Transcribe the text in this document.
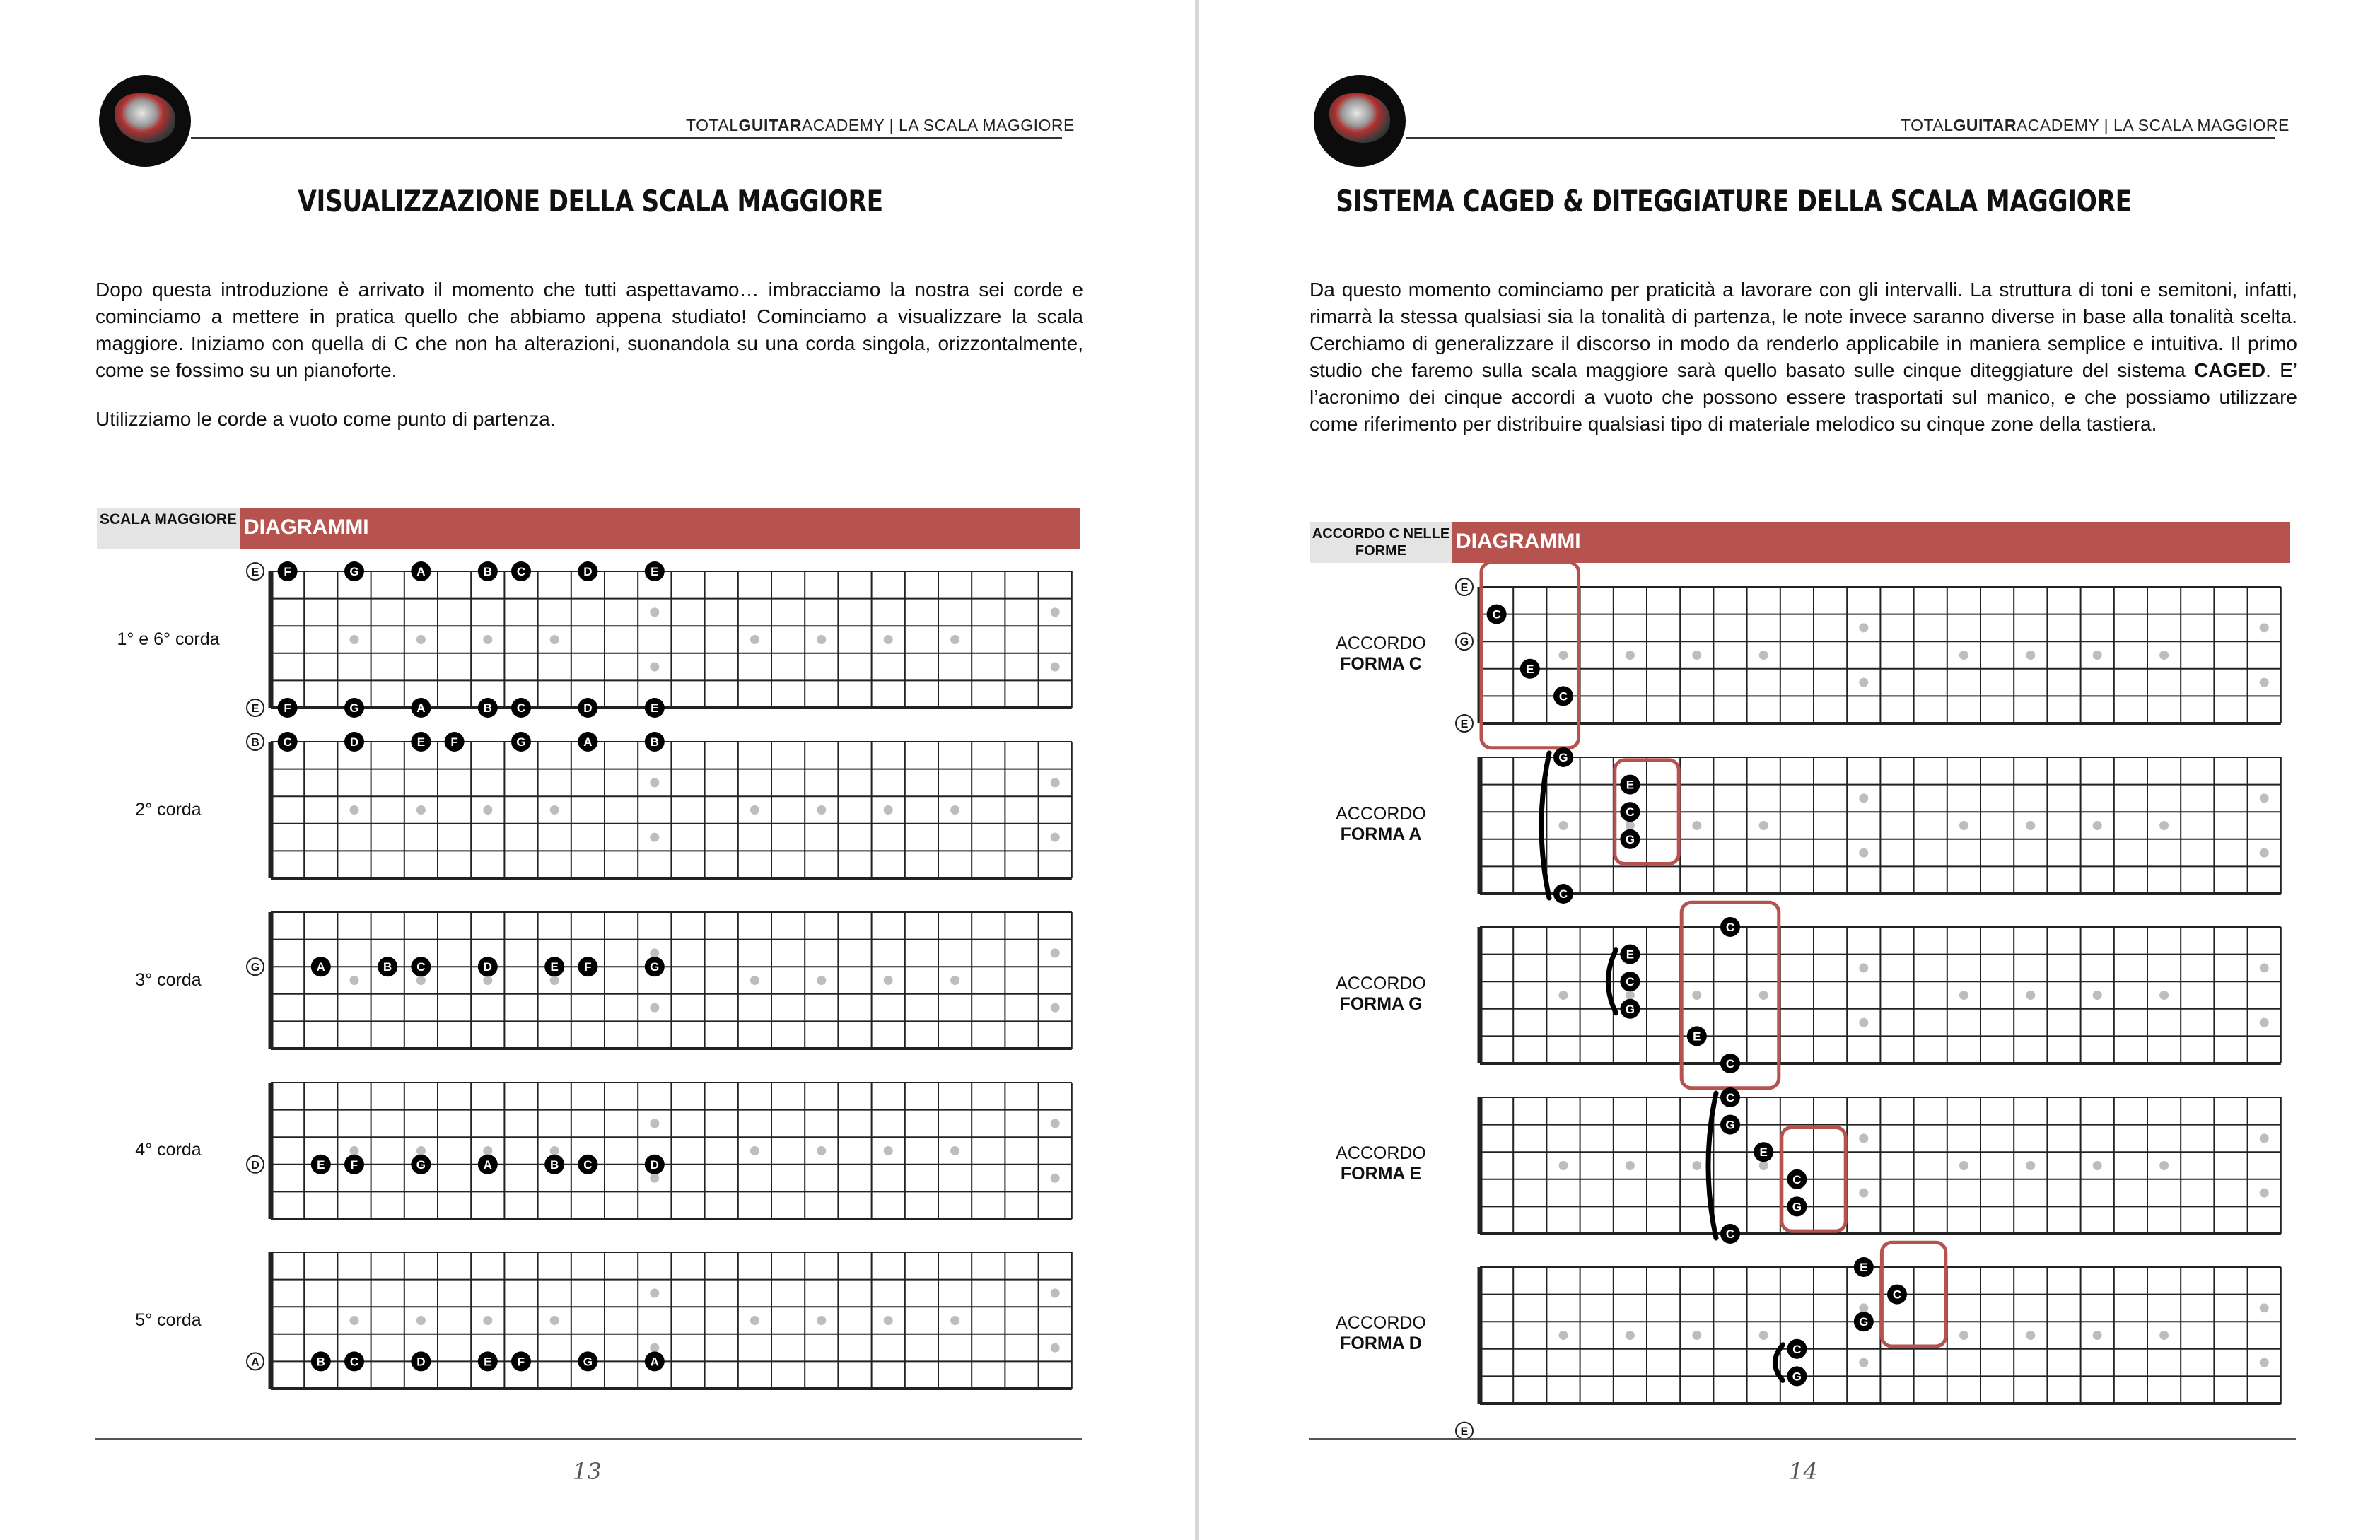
TOTALGUITARACADEMY | LA SCALA MAGGIORE
VISUALIZZAZIONE DELLA SCALA MAGGIORE
Dopo questa introduzione è arrivato il momento che tutti aspettavamo… imbracciamo la nostra sei corde e cominciamo a mettere in pratica quello che abbiamo appena studiato! Cominciamo a visualizzare la scala maggiore. Iniziamo con quella di C che non ha alterazioni, suonandola su una corda singola, orizzontalmente, come se fossimo su un pianoforte.
Utilizziamo le corde a vuoto come punto di partenza.
SCALA MAGGIORE DIAGRAMMI
1° e 6° corda
2° corda
3° corda
4° corda
5° corda
E
E
F	G	A	B C	D	E
F	G	A	B C	D	E
B C	D	E F	G	A	B
G	A	B C	D	E F	G
D	E F	G	A	B C	D
A	B C	D	E F	G	A
13
TOTALGUITARACADEMY | LA SCALA MAGGIORE
SISTEMA CAGED & DITEGGIATURE DELLA SCALA MAGGIORE
Da questo momento cominciamo per praticità a lavorare con gli intervalli. La struttura di toni e semitoni, infatti, rimarrà la stessa qualsiasi sia la tonalità di partenza, le note invece saranno diverse in base alla tonalità scelta. Cerchiamo di generalizzare il discorso in modo da renderlo applicabile in maniera semplice e intuitiva. Il primo studio che faremo sulla scala maggiore sarà quello basato sulle cinque diteggiature del sistema CAGED. E’ l’acronimo dei cinque accordi a vuoto che possono essere trasportati sul manico, e che possiamo utilizzare come riferimento per distribuire qualsiasi tipo di materiale melodico su cinque zone della tastiera.
ACCORDO C NELLE FORME	DIAGRAMMI
ACCORDO
FORMA C
ACCORDO
FORMA A
ACCORDO
FORMA G
ACCORDO
FORMA E
ACCORDO
FORMA D
E
G
E
C
E
C
G
E
C
G
C
E
C
G
C
E
C
C
G
E
C
G
C
E
E
C
G
C
G
14
